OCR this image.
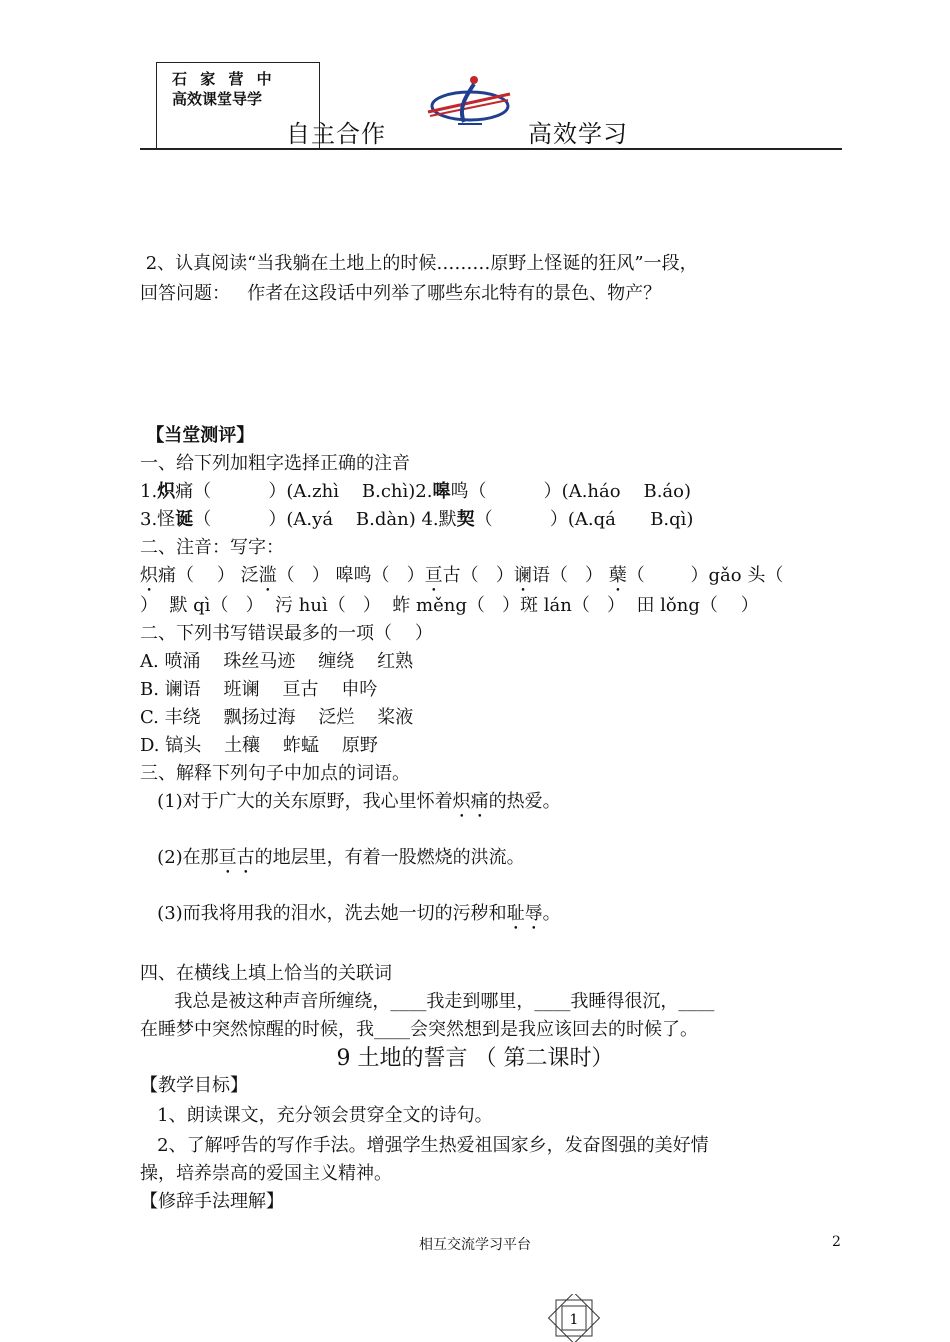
石 家 营 中
高效课堂导学
自主合作	高效学习
2、认真阅读“当我躺在土地上的时候………原野上怪诞的狂风”一段，
回答问题：   作者在这段话中列举了哪些东北特有的景色、物产？
【当堂测评】
一、给下列加粗字选择正确的注音
1.炽痛（          ）(A.zhì    B.chì)2.嗥鸣（          ）(A.háo    B.áo)
3.怪诞（          ）(A.yá    B.dàn) 4.默契（          ）(A.qá      B.qì)
二、注音：写字：
炽痛（    ） 泛滥（   ） 嗥鸣（   ）亘古（   ）谰语（   ） 蘖（        ）gǎo 头（
）  默 qì（   ）  污 huì（   ）  蚱 měng（   ）斑 lán（   ）  田 lǒng（    ）
二、下列书写错误最多的一项（    ）
A. 喷涌    珠丝马迹    缠绕    红熟
B. 谰语    班谰    亘古    申吟
C. 丰绕    飘扬过海    泛烂    桨液
D. 镐头    土穰    蚱蜢    原野
三、解释下列句子中加点的词语。
(1)对于广大的关东原野，我心里怀着炽痛的热爱。
(2)在那亘古的地层里，有着一股燃烧的洪流。
(3)而我将用我的泪水，洗去她一切的污秽和耻辱。
四、在横线上填上恰当的关联词
我总是被这种声音所缠绕，____我走到哪里，____我睡得很沉，____
在睡梦中突然惊醒的时候，我____会突然想到是我应该回去的时候了。
9 土地的誓言 （ 第二课时）
【教学目标】
1、朗读课文，充分领会贯穿全文的诗句。
2、了解呼告的写作手法。增强学生热爱祖国家乡，发奋图强的美好情
操，培养崇高的爱国主义精神。
【修辞手法理解】
相互交流学习平台	2
1
